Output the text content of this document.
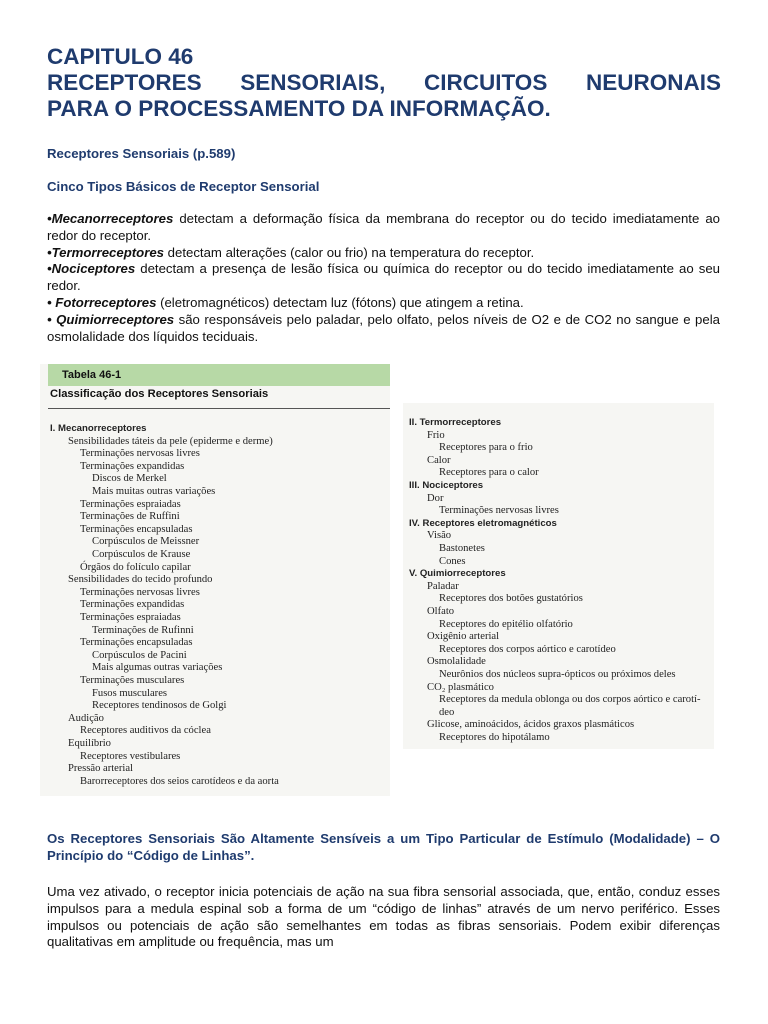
CAPITULO 46
RECEPTORES SENSORIAIS, CIRCUITOS NEURONAIS
PARA O PROCESSAMENTO DA INFORMAÇÃO.

Receptores Sensoriais (p.589)

Cinco Tipos Básicos de Receptor Sensorial

•Mecanorreceptores detectam a deformação física da membrana do receptor ou do tecido imediatamente ao redor do receptor.
•Termorreceptores detectam alterações (calor ou frio) na temperatura do receptor.
•Nociceptores detectam a presença de lesão física ou química do receptor ou do tecido imediatamente ao seu redor.
• Fotorreceptores (eletromagnéticos) detectam luz (fótons) que atingem a retina.
• Quimiorreceptores são responsáveis pelo paladar, pelo olfato, pelos níveis de O2 e de CO2 no sangue e pela osmolalidade dos líquidos teciduais.
Tabela 46-1
Classificação dos Receptores Sensoriais
I. Mecanorreceptores
Sensibilidades táteis da pele (epiderme e derme)
Terminações nervosas livres
Terminações expandidas
Discos de Merkel
Mais muitas outras variações
Terminações espraiadas
Terminações de Ruffini
Terminações encapsuladas
Corpúsculos de Meissner
Corpúsculos de Krause
Órgãos do folículo capilar
Sensibilidades do tecido profundo
Terminações nervosas livres
Terminações expandidas
Terminações espraiadas
Terminações de Rufinni
Terminações encapsuladas
Corpúsculos de Pacini
Mais algumas outras variações
Terminações musculares
Fusos musculares
Receptores tendinosos de Golgi
Audição
Receptores auditivos da cóclea
Equilíbrio
Receptores vestibulares
Pressão arterial
Barorreceptores dos seios carotídeos e da aorta
II. Termorreceptores
Frio
Receptores para o frio
Calor
Receptores para o calor
III. Nociceptores
Dor
Terminações nervosas livres
IV. Receptores eletromagnéticos
Visão
Bastonetes
Cones
V. Quimiorreceptores
Paladar
Receptores dos botões gustatórios
Olfato
Receptores do epitélio olfatório
Oxigênio arterial
Receptores dos corpos aórtico e carotídeo
Osmolalidade
Neurônios dos núcleos supra-ópticos ou próximos deles
CO₂ plasmático
Receptores da medula oblonga ou dos corpos aórtico e carotí-
deo
Glicose, aminoácidos, ácidos graxos plasmáticos
Receptores do hipotálamo

Os Receptores Sensoriais São Altamente Sensíveis a um Tipo Particular de Estímulo (Modalidade) – O Princípio do “Código de Linhas”.

Uma vez ativado, o receptor inicia potenciais de ação na sua fibra sensorial associada, que, então, conduz esses impulsos para a medula espinal sob a forma de um “código de linhas” através de um nervo periférico. Esses impulsos ou potenciais de ação são semelhantes em todas as fibras sensoriais. Podem exibir diferenças qualitativas em amplitude ou frequência, mas um
